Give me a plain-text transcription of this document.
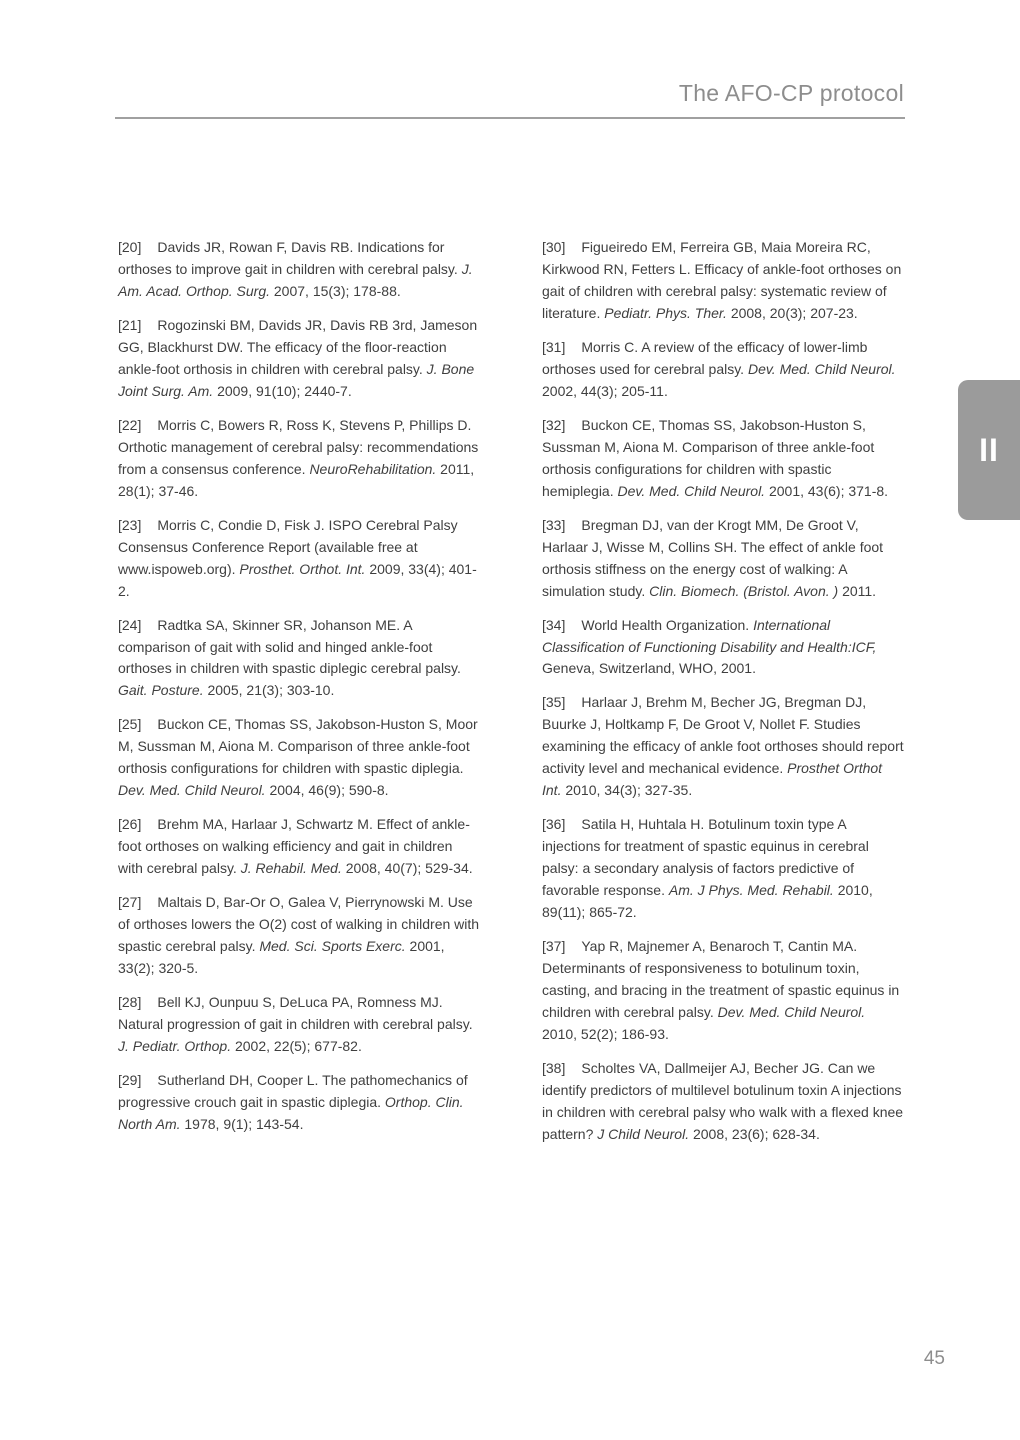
The AFO-CP protocol
II

[20] Davids JR, Rowan F, Davis RB. Indications for orthoses to improve gait in children with cerebral palsy. J. Am. Acad. Orthop. Surg. 2007, 15(3); 178-88.

[21] Rogozinski BM, Davids JR, Davis RB 3rd, Jameson GG, Blackhurst DW. The efficacy of the floor-reaction ankle-foot orthosis in children with cerebral palsy. J. Bone Joint Surg. Am. 2009, 91(10); 2440-7.

[22] Morris C, Bowers R, Ross K, Stevens P, Phillips D. Orthotic management of cerebral palsy: recommendations from a consensus conference. NeuroRehabilitation. 2011, 28(1); 37-46.

[23] Morris C, Condie D, Fisk J. ISPO Cerebral Palsy Consensus Conference Report (available free at www.ispoweb.org). Prosthet. Orthot. Int. 2009, 33(4); 401-2.

[24] Radtka SA, Skinner SR, Johanson ME. A comparison of gait with solid and hinged ankle-foot orthoses in children with spastic diplegic cerebral palsy. Gait. Posture. 2005, 21(3); 303-10.

[25] Buckon CE, Thomas SS, Jakobson-Huston S, Moor M, Sussman M, Aiona M. Comparison of three ankle-foot orthosis configurations for children with spastic diplegia. Dev. Med. Child Neurol. 2004, 46(9); 590-8.

[26] Brehm MA, Harlaar J, Schwartz M. Effect of ankle-foot orthoses on walking efficiency and gait in children with cerebral palsy. J. Rehabil. Med. 2008, 40(7); 529-34.

[27] Maltais D, Bar-Or O, Galea V, Pierrynowski M. Use of orthoses lowers the O(2) cost of walking in children with spastic cerebral palsy. Med. Sci. Sports Exerc. 2001, 33(2); 320-5.

[28] Bell KJ, Ounpuu S, DeLuca PA, Romness MJ. Natural progression of gait in children with cerebral palsy. J. Pediatr. Orthop. 2002, 22(5); 677-82.

[29] Sutherland DH, Cooper L. The pathomechanics of progressive crouch gait in spastic diplegia. Orthop. Clin. North Am. 1978, 9(1); 143-54.

[30] Figueiredo EM, Ferreira GB, Maia Moreira RC, Kirkwood RN, Fetters L. Efficacy of ankle-foot orthoses on gait of children with cerebral palsy: systematic review of literature. Pediatr. Phys. Ther. 2008, 20(3); 207-23.

[31] Morris C. A review of the efficacy of lower-limb orthoses used for cerebral palsy. Dev. Med. Child Neurol. 2002, 44(3); 205-11.

[32] Buckon CE, Thomas SS, Jakobson-Huston S, Sussman M, Aiona M. Comparison of three ankle-foot orthosis configurations for children with spastic hemiplegia. Dev. Med. Child Neurol. 2001, 43(6); 371-8.

[33] Bregman DJ, van der Krogt MM, De Groot V, Harlaar J, Wisse M, Collins SH. The effect of ankle foot orthosis stiffness on the energy cost of walking: A simulation study. Clin. Biomech. (Bristol. Avon. ) 2011.

[34] World Health Organization. International Classification of Functioning Disability and Health:ICF, Geneva, Switzerland, WHO, 2001.

[35] Harlaar J, Brehm M, Becher JG, Bregman DJ, Buurke J, Holtkamp F, De Groot V, Nollet F. Studies examining the efficacy of ankle foot orthoses should report activity level and mechanical evidence. Prosthet Orthot Int. 2010, 34(3); 327-35.

[36] Satila H, Huhtala H. Botulinum toxin type A injections for treatment of spastic equinus in cerebral palsy: a secondary analysis of factors predictive of favorable response. Am. J Phys. Med. Rehabil. 2010, 89(11); 865-72.

[37] Yap R, Majnemer A, Benaroch T, Cantin MA. Determinants of responsiveness to botulinum toxin, casting, and bracing in the treatment of spastic equinus in children with cerebral palsy. Dev. Med. Child Neurol. 2010, 52(2); 186-93.

[38] Scholtes VA, Dallmeijer AJ, Becher JG. Can we identify predictors of multilevel botulinum toxin A injections in children with cerebral palsy who walk with a flexed knee pattern? J Child Neurol. 2008, 23(6); 628-34.

45
